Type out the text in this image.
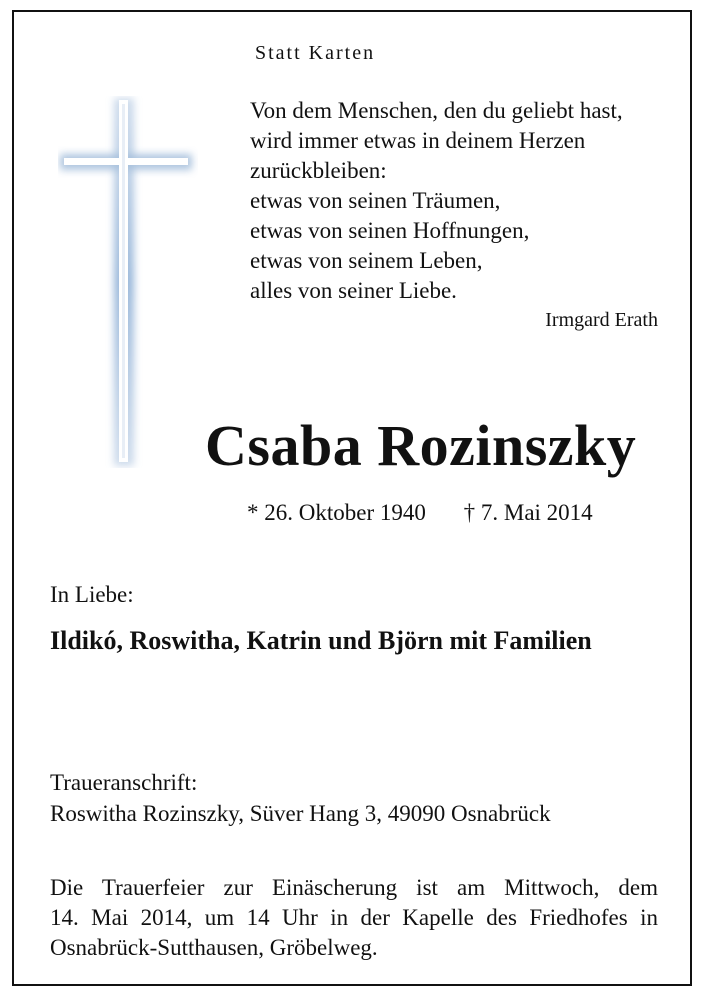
Statt Karten
Von dem Menschen, den du geliebt hast,
wird immer etwas in deinem Herzen
zurückbleiben:
etwas von seinen Träumen,
etwas von seinen Hoffnungen,
etwas von seinem Leben,
alles von seiner Liebe.
Irmgard Erath
Csaba Rozinszky
* 26. Oktober 1940 † 7. Mai 2014
In Liebe:
Ildikó, Roswitha, Katrin und Björn mit Familien
Traueranschrift:
Roswitha Rozinszky, Süver Hang 3, 49090 Osnabrück
Die Trauerfeier zur Einäscherung ist am Mittwoch, dem
14. Mai 2014, um 14 Uhr in der Kapelle des Friedhofes in
Osnabrück-Sutthausen, Gröbelweg.
